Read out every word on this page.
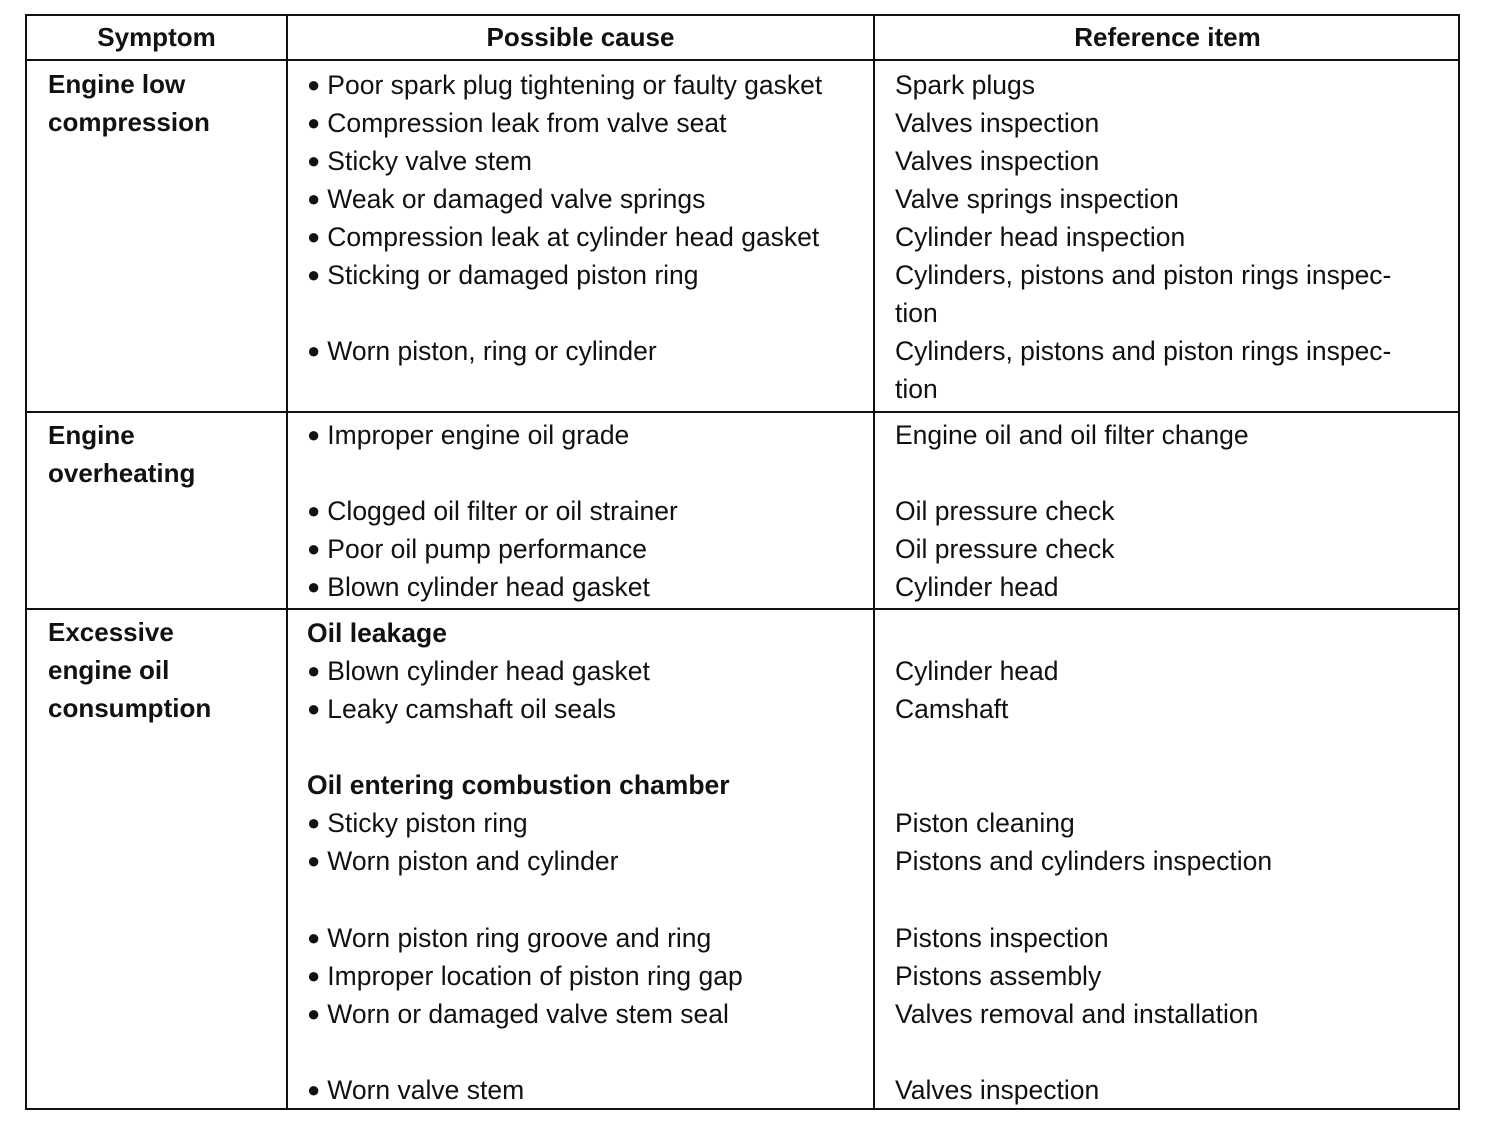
Symptom	Possible cause	Reference item
Engine low
compression
● Poor spark plug tightening or faulty gasket
● Compression leak from valve seat
● Sticky valve stem
● Weak or damaged valve springs
● Compression leak at cylinder head gasket
● Sticking or damaged piston ring
● Worn piston, ring or cylinder
Spark plugs
Valves inspection
Valves inspection
Valve springs inspection
Cylinder head inspection
Cylinders, pistons and piston rings inspec-
tion
Cylinders, pistons and piston rings inspec-
tion
Engine
overheating
● Improper engine oil grade
● Clogged oil filter or oil strainer
● Poor oil pump performance
● Blown cylinder head gasket
Engine oil and oil filter change
Oil pressure check
Oil pressure check
Cylinder head
Excessive
engine oil
consumption
Oil leakage
● Blown cylinder head gasket
● Leaky camshaft oil seals
Oil entering combustion chamber
● Sticky piston ring
● Worn piston and cylinder
● Worn piston ring groove and ring
● Improper location of piston ring gap
● Worn or damaged valve stem seal
● Worn valve stem
Cylinder head
Camshaft
Piston cleaning
Pistons and cylinders inspection
Pistons inspection
Pistons assembly
Valves removal and installation
Valves inspection
